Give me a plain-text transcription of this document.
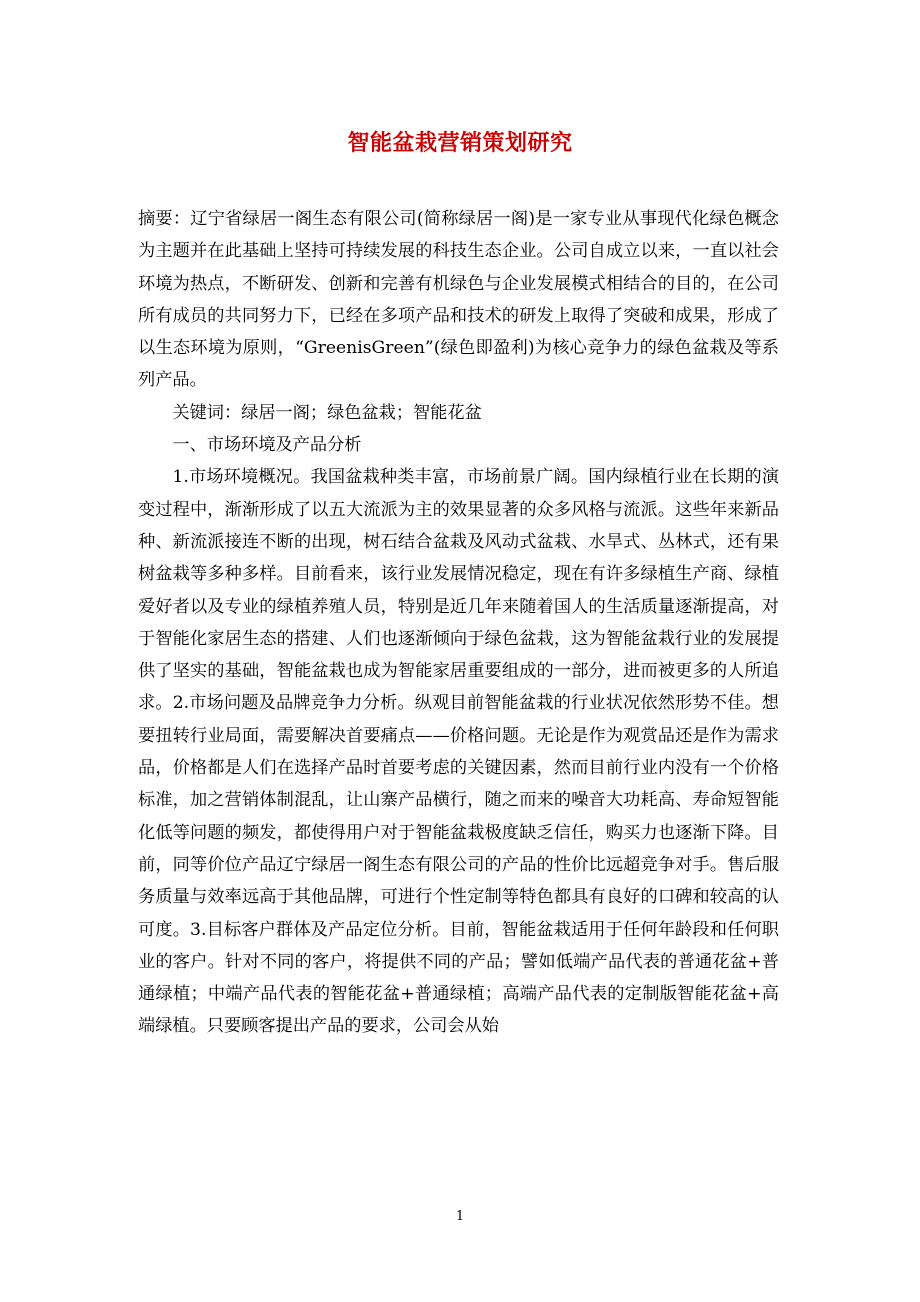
智能盆栽营销策划研究

摘要：辽宁省绿居一阁生态有限公司(简称绿居一阁)是一家专业从事现代化绿色概念为主题并在此基础上坚持可持续发展的科技生态企业。公司自成立以来，一直以社会环境为热点，不断研发、创新和完善有机绿色与企业发展模式相结合的目的，在公司所有成员的共同努力下，已经在多项产品和技术的研发上取得了突破和成果，形成了以生态环境为原则，“GreenisGreen”(绿色即盈利)为核心竞争力的绿色盆栽及等系列产品。

关键词：绿居一阁；绿色盆栽；智能花盆

一、市场环境及产品分析

1.市场环境概况。我国盆栽种类丰富，市场前景广阔。国内绿植行业在长期的演变过程中，渐渐形成了以五大流派为主的效果显著的众多风格与流派。这些年来新品种、新流派接连不断的出现，树石结合盆栽及风动式盆栽、水旱式、丛林式，还有果树盆栽等多种多样。目前看来，该行业发展情况稳定，现在有许多绿植生产商、绿植爱好者以及专业的绿植养殖人员，特别是近几年来随着国人的生活质量逐渐提高，对于智能化家居生态的搭建、人们也逐渐倾向于绿色盆栽，这为智能盆栽行业的发展提供了坚实的基础，智能盆栽也成为智能家居重要组成的一部分，进而被更多的人所追求。2.市场问题及品牌竞争力分析。纵观目前智能盆栽的行业状况依然形势不佳。想要扭转行业局面，需要解决首要痛点——价格问题。无论是作为观赏品还是作为需求品，价格都是人们在选择产品时首要考虑的关键因素，然而目前行业内没有一个价格标准，加之营销体制混乱，让山寨产品横行，随之而来的噪音大功耗高、寿命短智能化低等问题的频发，都使得用户对于智能盆栽极度缺乏信任，购买力也逐渐下降。目前，同等价位产品辽宁绿居一阁生态有限公司的产品的性价比远超竞争对手。售后服务质量与效率远高于其他品牌，可进行个性定制等特色都具有良好的口碑和较高的认可度。3.目标客户群体及产品定位分析。目前，智能盆栽适用于任何年龄段和任何职业的客户。针对不同的客户，将提供不同的产品；譬如低端产品代表的普通花盆+普通绿植；中端产品代表的智能花盆+普通绿植；高端产品代表的定制版智能花盆+高端绿植。只要顾客提出产品的要求，公司会从始

1
